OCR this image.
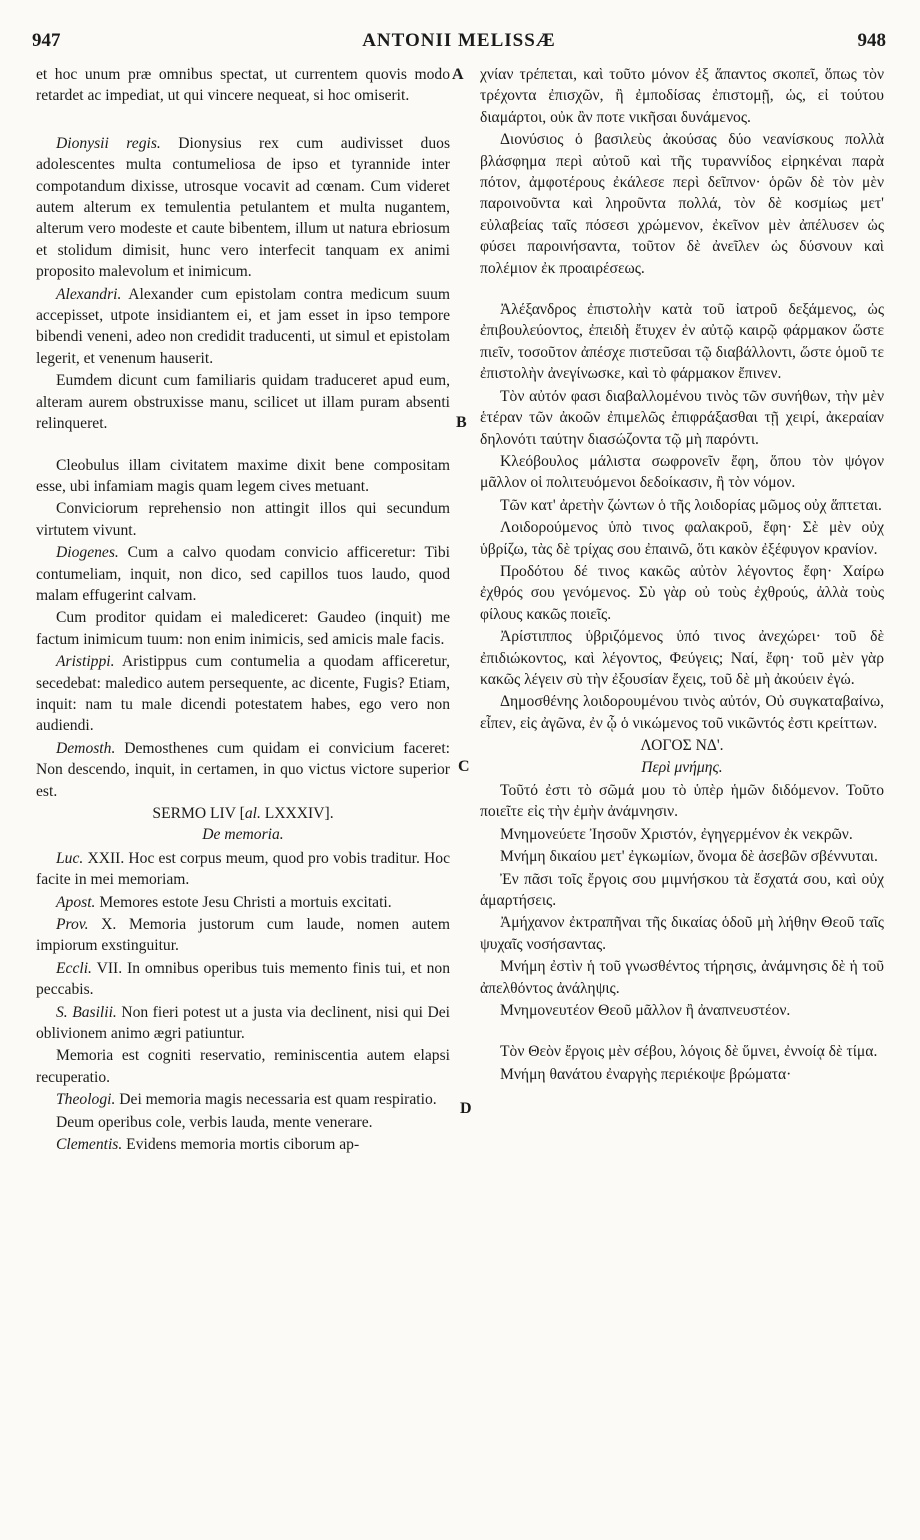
947	ANTONII MELISSÆ	948
A
B
C
D

et hoc unum præ omnibus spectat, ut currentem quovis modo retardet ac impediat, ut qui vincere nequeat, si hoc omiserit.

Dionysii regis. Dionysius rex cum audivisset duos adolescentes multa contumeliosa de ipso et tyrannide inter compotandum dixisse, utrosque vocavit ad cœnam. Cum videret autem alterum ex temulentia petulantem et multa nugantem, alterum vero modeste et caute bibentem, illum ut natura ebriosum et stolidum dimisit, hunc vero interfecit tanquam ex animi proposito malevolum et inimicum.

Alexandri. Alexander cum epistolam contra medicum suum accepisset, utpote insidiantem ei, et jam esset in ipso tempore bibendi veneni, adeo non credidit traducenti, ut simul et epistolam legerit, et venenum hauserit.

Eumdem dicunt cum familiaris quidam traduceret apud eum, alteram aurem obstruxisse manu, scilicet ut illam puram absenti relinqueret.

Cleobulus illam civitatem maxime dixit bene compositam esse, ubi infamiam magis quam legem cives metuant.

Conviciorum reprehensio non attingit illos qui secundum virtutem vivunt.

Diogenes. Cum a calvo quodam convicio afficeretur: Tibi contumeliam, inquit, non dico, sed capillos tuos laudo, quod malam effugerint calvam.

Cum proditor quidam ei malediceret: Gaudeo (inquit) me factum inimicum tuum: non enim inimicis, sed amicis male facis.

Aristippi. Aristippus cum contumelia a quodam afficeretur, secedebat: maledico autem persequente, ac dicente, Fugis? Etiam, inquit: nam tu male dicendi potestatem habes, ego vero non audiendi.

Demosth. Demosthenes cum quidam ei convicium faceret: Non descendo, inquit, in certamen, in quo victus victore superior est.

SERMO LIV [al. LXXXIV].

De memoria.

Luc. XXII. Hoc est corpus meum, quod pro vobis traditur. Hoc facite in mei memoriam.

Apost. Memores estote Jesu Christi a mortuis excitati.

Prov. X. Memoria justorum cum laude, nomen autem impiorum exstinguitur.

Eccli. VII. In omnibus operibus tuis memento finis tui, et non peccabis.

S. Basilii. Non fieri potest ut a justa via declinent, nisi qui Dei oblivionem animo ægri patiuntur.

Memoria est cogniti reservatio, reminiscentia autem elapsi recuperatio.

Theologi. Dei memoria magis necessaria est quam respiratio.

Deum operibus cole, verbis lauda, mente venerare.

Clementis. Evidens memoria mortis ciborum ap-

χνίαν τρέπεται, καὶ τοῦτο μόνον ἐξ ἅπαντος σκοπεῖ, ὅπως τὸν τρέχοντα ἐπισχῶν, ἢ ἐμποδίσας ἐπιστομῇ, ὡς, εἰ τούτου διαμάρτοι, οὐκ ἂν ποτε νικῆσαι δυνάμενος.

Διονύσιος ὁ βασιλεὺς ἀκούσας δύο νεανίσκους πολλὰ βλάσφημα περὶ αὐτοῦ καὶ τῆς τυραννίδος εἰρηκέναι παρὰ πότον, ἀμφοτέρους ἐκάλεσε περὶ δεῖπνον· ὁρῶν δὲ τὸν μὲν παροινοῦντα καὶ ληροῦντα πολλά, τὸν δὲ κοσμίως μετ' εὐλαβείας ταῖς πόσεσι χρώμενον, ἐκεῖνον μὲν ἀπέλυσεν ὡς φύσει παροινήσαντα, τοῦτον δὲ ἀνεῖλεν ὡς δύσνουν καὶ πολέμιον ἐκ προαιρέσεως.

Ἀλέξανδρος ἐπιστολὴν κατὰ τοῦ ἰατροῦ δεξάμενος, ὡς ἐπιβουλεύοντος, ἐπειδὴ ἔτυχεν ἐν αὐτῷ καιρῷ φάρμακον ὥστε πιεῖν, τοσοῦτον ἀπέσχε πιστεῦσαι τῷ διαβάλλοντι, ὥστε ὁμοῦ τε ἐπιστολὴν ἀνεγίνωσκε, καὶ τὸ φάρμακον ἔπινεν.

Τὸν αὐτόν φασι διαβαλλομένου τινὸς τῶν συνήθων, τὴν μὲν ἑτέραν τῶν ἀκοῶν ἐπιμελῶς ἐπιφράξασθαι τῇ χειρί, ἀκεραίαν δηλονότι ταύτην διασώζοντα τῷ μὴ παρόντι.

Κλεόβουλος μάλιστα σωφρονεῖν ἔφη, ὅπου τὸν ψόγον μᾶλλον οἱ πολιτευόμενοι δεδοίκασιν, ἢ τὸν νόμον.

Τῶν κατ' ἀρετὴν ζώντων ὁ τῆς λοιδορίας μῶμος οὐχ ἅπτεται.

Λοιδορούμενος ὑπὸ τινος φαλακροῦ, ἔφη· Σὲ μὲν οὐχ ὑβρίζω, τὰς δὲ τρίχας σου ἐπαινῶ, ὅτι κακὸν ἐξέφυγον κρανίον.

Προδότου δέ τινος κακῶς αὐτὸν λέγοντος ἔφη· Χαίρω ἐχθρός σου γενόμενος. Σὺ γὰρ οὐ τοὺς ἐχθρούς, ἀλλὰ τοὺς φίλους κακῶς ποιεῖς.

Ἀρίστιππος ὑβριζόμενος ὑπό τινος ἀνεχώρει· τοῦ δὲ ἐπιδιώκοντος, καὶ λέγοντος, Φεύγεις; Ναί, ἔφη· τοῦ μὲν γὰρ κακῶς λέγειν σὺ τὴν ἐξουσίαν ἔχεις, τοῦ δὲ μὴ ἀκούειν ἐγώ.

Δημοσθένης λοιδορουμένου τινὸς αὐτόν, Οὐ συγκαταβαίνω, εἶπεν, εἰς ἀγῶνα, ἐν ᾧ ὁ νικώμενος τοῦ νικῶντός ἐστι κρείττων.

ΛΟΓΟΣ ΝΔ'.

Περὶ μνήμης.

Τοῦτό ἐστι τὸ σῶμά μου τὸ ὑπὲρ ἡμῶν διδόμενον. Τοῦτο ποιεῖτε εἰς τὴν ἐμὴν ἀνάμνησιν.

Μνημονεύετε Ἰησοῦν Χριστόν, ἐγηγερμένον ἐκ νεκρῶν.

Μνήμη δικαίου μετ' ἐγκωμίων, ὄνομα δὲ ἀσεβῶν σβέννυται.

Ἐν πᾶσι τοῖς ἔργοις σου μιμνήσκου τὰ ἔσχατά σου, καὶ οὐχ ἁμαρτήσεις.

Ἀμήχανον ἐκτραπῆναι τῆς δικαίας ὁδοῦ μὴ λήθην Θεοῦ ταῖς ψυχαῖς νοσήσαντας.

Μνήμη ἐστὶν ἡ τοῦ γνωσθέντος τήρησις, ἀνάμνησις δὲ ἡ τοῦ ἀπελθόντος ἀνάληψις.

Μνημονευτέον Θεοῦ μᾶλλον ἢ ἀναπνευστέον.

Τὸν Θεὸν ἔργοις μὲν σέβου, λόγοις δὲ ὕμνει, ἐννοίᾳ δὲ τίμα.

Μνήμη θανάτου ἐναργὴς περιέκοψε βρώματα·
